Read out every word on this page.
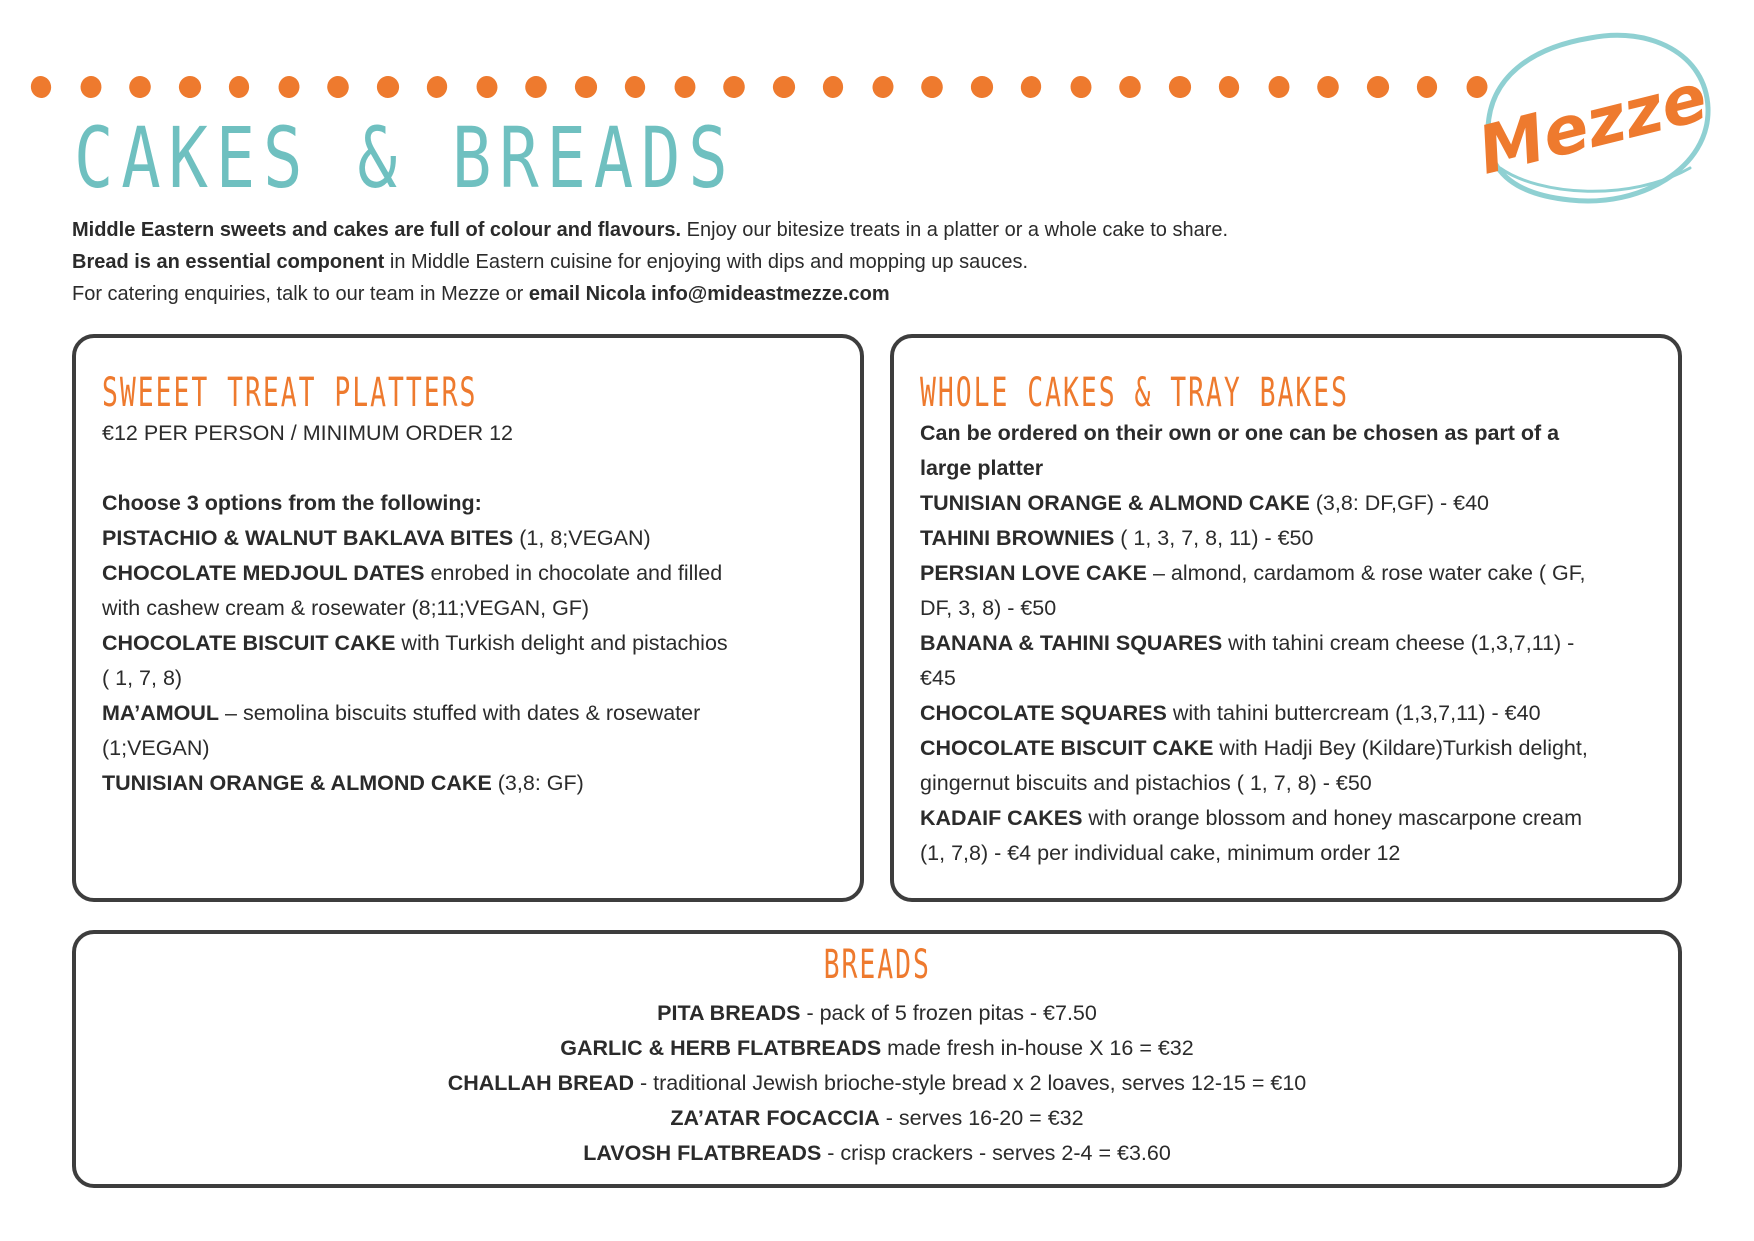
Mezze
CAKES & BREADS

Middle Eastern sweets and cakes are full of colour and flavours. Enjoy our bitesize treats in a platter or a whole cake to share.

Bread is an essential component in Middle Eastern cuisine for enjoying with dips and mopping up sauces.

For catering enquiries, talk to our team in Mezze or email Nicola info@mideastmezze.com

SWEEET TREAT PLATTERS
€12 PER PERSON / MINIMUM ORDER 12
Choose 3 options from the following:
PISTACHIO & WALNUT BAKLAVA BITES (1, 8;VEGAN)
CHOCOLATE MEDJOUL DATES enrobed in chocolate and filled
with cashew cream & rosewater (8;11;VEGAN, GF)
CHOCOLATE BISCUIT CAKE with Turkish delight and pistachios
( 1, 7, 8)
MA’AMOUL – semolina biscuits stuffed with dates & rosewater
(1;VEGAN)
TUNISIAN ORANGE & ALMOND CAKE (3,8: GF)
WHOLE CAKES & TRAY BAKES
Can be ordered on their own or one can be chosen as part of a
large platter
TUNISIAN ORANGE & ALMOND CAKE (3,8: DF,GF) - €40
TAHINI BROWNIES ( 1, 3, 7, 8, 11) - €50
PERSIAN LOVE CAKE – almond, cardamom & rose water cake ( GF,
DF, 3, 8) - €50
BANANA & TAHINI SQUARES with tahini cream cheese (1,3,7,11) -
€45
CHOCOLATE SQUARES with tahini buttercream (1,3,7,11) - €40
CHOCOLATE BISCUIT CAKE with Hadji Bey (Kildare)Turkish delight,
gingernut biscuits and pistachios ( 1, 7, 8) - €50
KADAIF CAKES with orange blossom and honey mascarpone cream
(1, 7,8) - €4 per individual cake, minimum order 12
BREADS
PITA BREADS - pack of 5 frozen pitas - €7.50
GARLIC & HERB FLATBREADS made fresh in-house X 16 = €32
CHALLAH BREAD - traditional Jewish brioche-style bread x 2 loaves, serves 12-15 = €10
ZA’ATAR FOCACCIA - serves 16-20 = €32
LAVOSH FLATBREADS - crisp crackers - serves 2-4 = €3.60
